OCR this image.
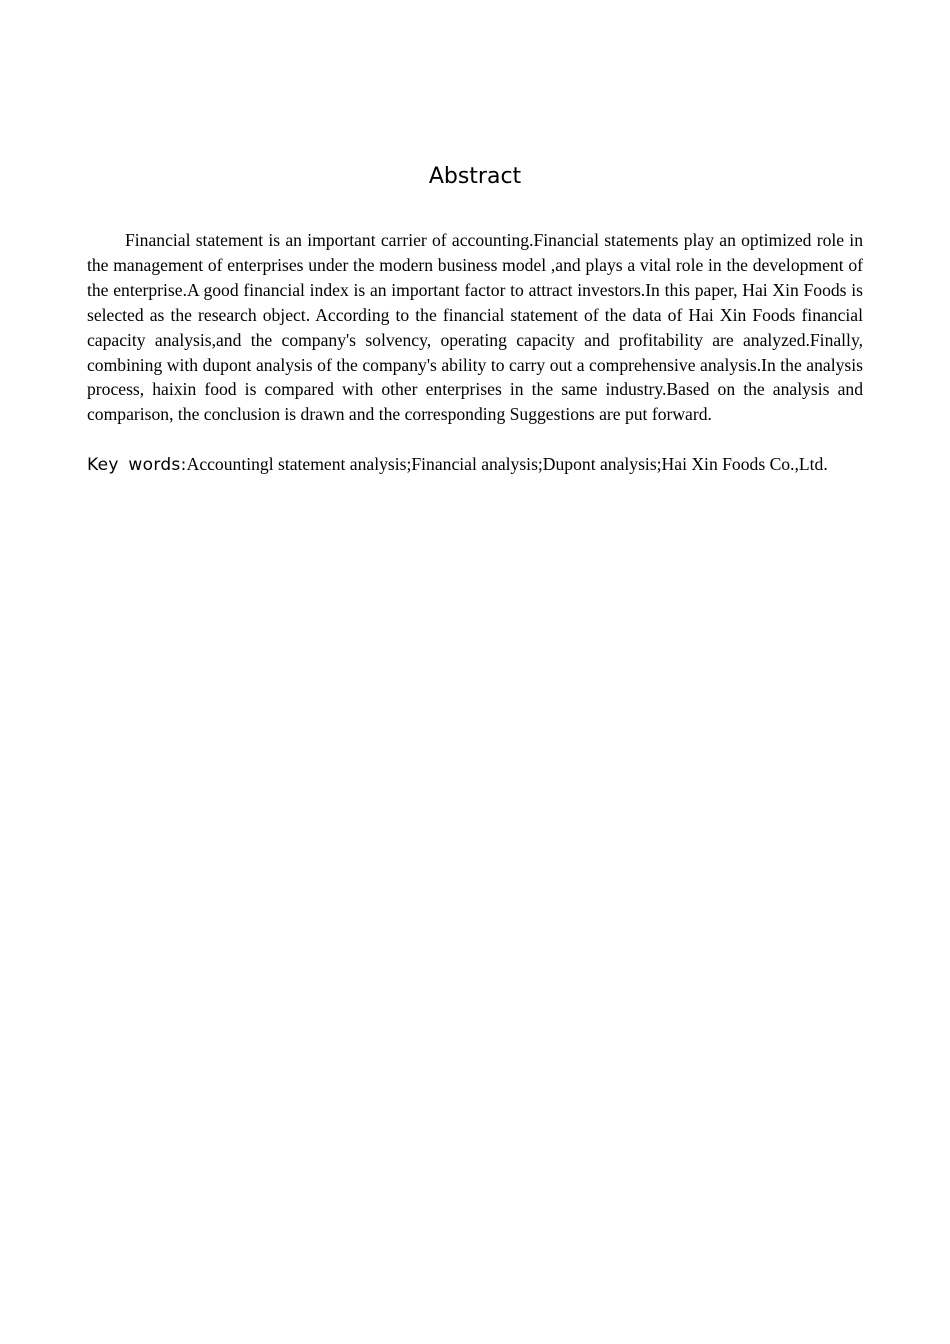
Abstract

Financial statement is an important carrier of accounting.Financial statements play an optimized role in the management of enterprises under the modern business model ,and plays a vital role in the development of the enterprise.A good financial index is an important factor to attract investors.In this paper, Hai Xin Foods is selected as the research object. According to the financial statement of the data of Hai Xin Foods financial capacity analysis,and the company's solvency, operating capacity and profitability are analyzed.Finally, combining with dupont analysis of the company's ability to carry out a comprehensive analysis.In the analysis process, haixin food is compared with other enterprises in the same industry.Based on the analysis and comparison, the conclusion is drawn and the corresponding Suggestions are put forward.

Key words:Accountingl statement analysis;Financial analysis;Dupont analysis;Hai Xin Foods Co.,Ltd.
